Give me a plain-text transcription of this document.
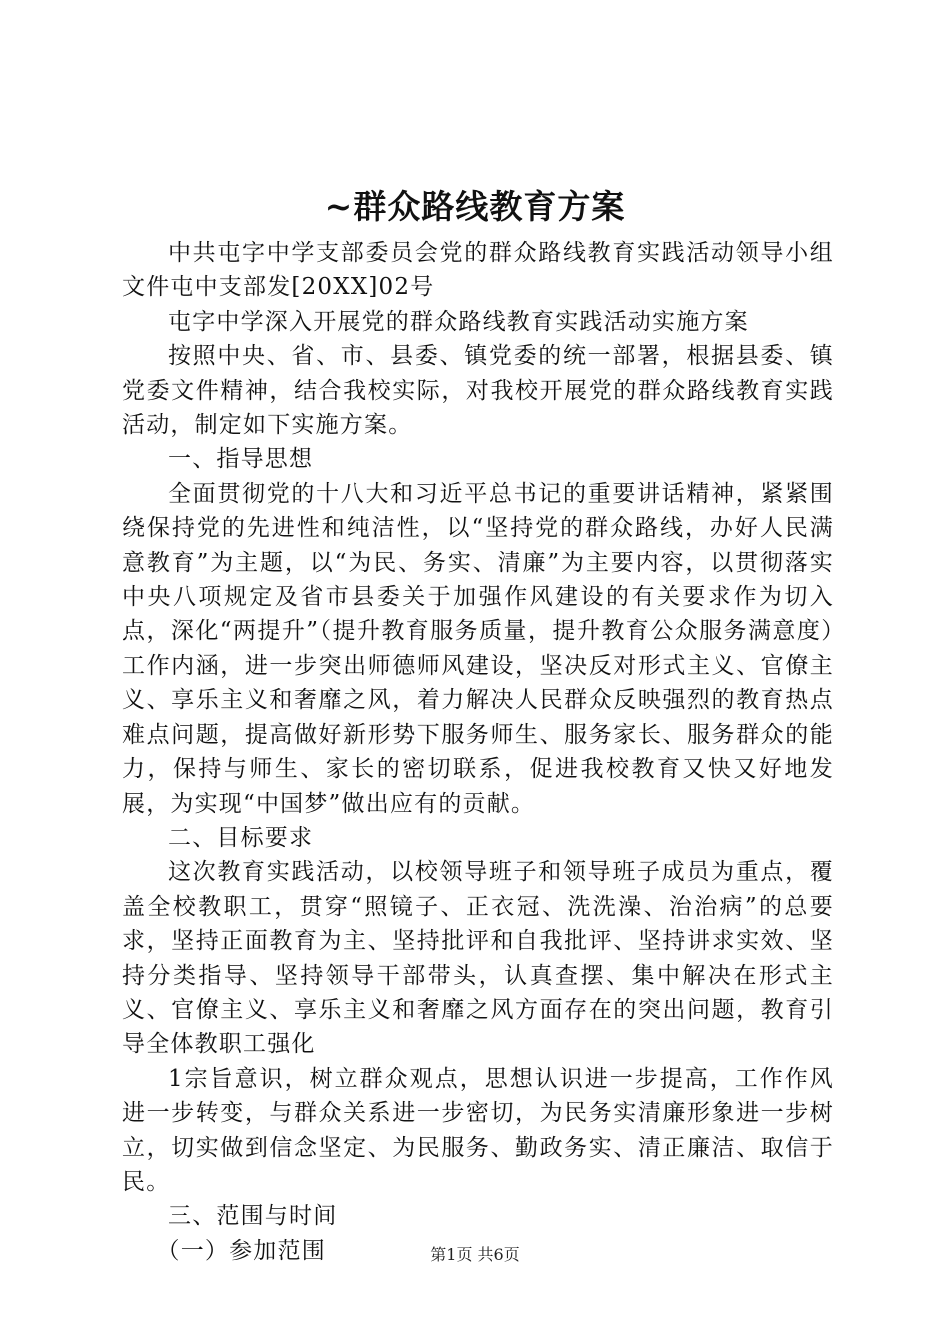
~群众路线教育方案

中共屯字中学支部委员会党的群众路线教育实践活动领导小组文件屯中支部发[20XX]02号

屯字中学深入开展党的群众路线教育实践活动实施方案

按照中央、省、市、县委、镇党委的统一部署，根据县委、镇党委文件精神，结合我校实际，对我校开展党的群众路线教育实践活动，制定如下实施方案。

一、指导思想

全面贯彻党的十八大和习近平总书记的重要讲话精神，紧紧围绕保持党的先进性和纯洁性，以“坚持党的群众路线，办好人民满意教育”为主题，以“为民、务实、清廉”为主要内容，以贯彻落实中央八项规定及省市县委关于加强作风建设的有关要求作为切入点，深化“两提升”（提升教育服务质量，提升教育公众服务满意度）工作内涵，进一步突出师德师风建设，坚决反对形式主义、官僚主义、享乐主义和奢靡之风，着力解决人民群众反映强烈的教育热点难点问题，提高做好新形势下服务师生、服务家长、服务群众的能力，保持与师生、家长的密切联系，促进我校教育又快又好地发展，为实现“中国梦”做出应有的贡献。

二、目标要求

这次教育实践活动，以校领导班子和领导班子成员为重点，覆盖全校教职工，贯穿“照镜子、正衣冠、洗洗澡、治治病”的总要求，坚持正面教育为主、坚持批评和自我批评、坚持讲求实效、坚持分类指导、坚持领导干部带头，认真查摆、集中解决在形式主义、官僚主义、享乐主义和奢靡之风方面存在的突出问题，教育引导全体教职工强化

1宗旨意识，树立群众观点，思想认识进一步提高，工作作风进一步转变，与群众关系进一步密切，为民务实清廉形象进一步树立，切实做到信念坚定、为民服务、勤政务实、清正廉洁、取信于民。

三、范围与时间

（一）参加范围	第1页 共6页
